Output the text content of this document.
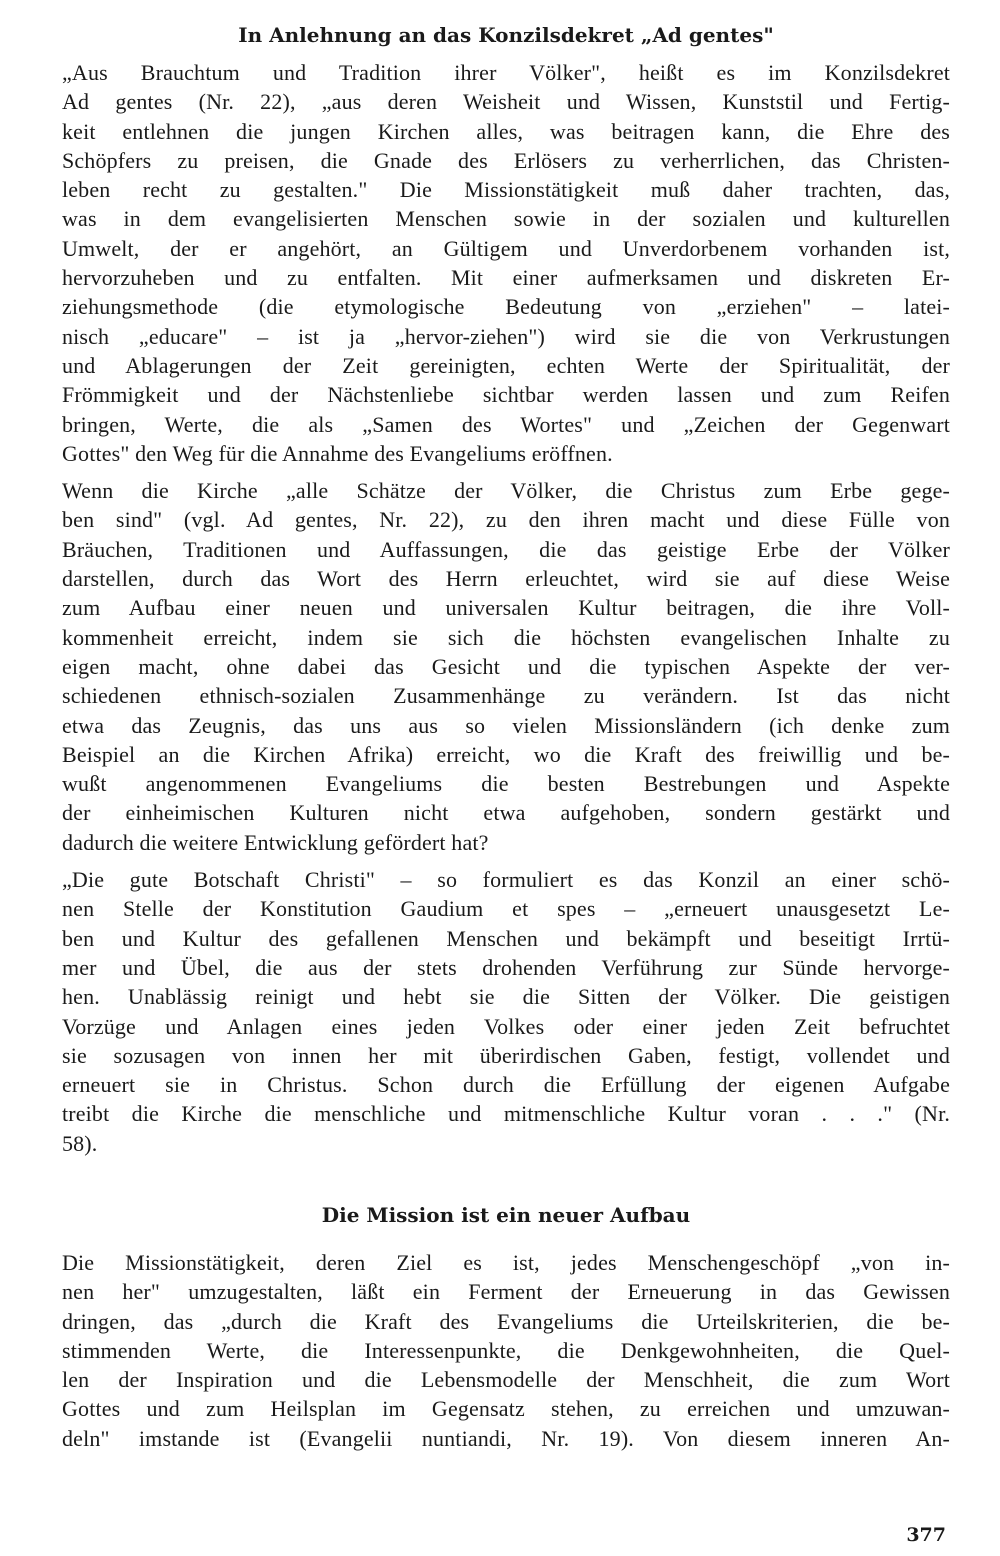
In Anlehnung an das Konzilsdekret „Ad gentes"
„Aus Brauchtum und Tradition ihrer Völker", heißt es im Konzilsdekret
Ad gentes (Nr. 22), „aus deren Weisheit und Wissen, Kunststil und Fertig-
keit entlehnen die jungen Kirchen alles, was beitragen kann, die Ehre des
Schöpfers zu preisen, die Gnade des Erlösers zu verherrlichen, das Christen-
leben recht zu gestalten." Die Missionstätigkeit muß daher trachten, das,
was in dem evangelisierten Menschen sowie in der sozialen und kulturellen
Umwelt, der er angehört, an Gültigem und Unverdorbenem vorhanden ist,
hervorzuheben und zu entfalten. Mit einer aufmerksamen und diskreten Er-
ziehungsmethode (die etymologische Bedeutung von „erziehen" – latei-
nisch „educare" – ist ja „hervor-ziehen") wird sie die von Verkrustungen
und Ablagerungen der Zeit gereinigten, echten Werte der Spiritualität, der
Frömmigkeit und der Nächstenliebe sichtbar werden lassen und zum Reifen
bringen, Werte, die als „Samen des Wortes" und „Zeichen der Gegenwart
Gottes" den Weg für die Annahme des Evangeliums eröffnen.
Wenn die Kirche „alle Schätze der Völker, die Christus zum Erbe gege-
ben sind" (vgl. Ad gentes, Nr. 22), zu den ihren macht und diese Fülle von
Bräuchen, Traditionen und Auffassungen, die das geistige Erbe der Völker
darstellen, durch das Wort des Herrn erleuchtet, wird sie auf diese Weise
zum Aufbau einer neuen und universalen Kultur beitragen, die ihre Voll-
kommenheit erreicht, indem sie sich die höchsten evangelischen Inhalte zu
eigen macht, ohne dabei das Gesicht und die typischen Aspekte der ver-
schiedenen ethnisch-sozialen Zusammenhänge zu verändern. Ist das nicht
etwa das Zeugnis, das uns aus so vielen Missionsländern (ich denke zum
Beispiel an die Kirchen Afrika) erreicht, wo die Kraft des freiwillig und be-
wußt angenommenen Evangeliums die besten Bestrebungen und Aspekte
der einheimischen Kulturen nicht etwa aufgehoben, sondern gestärkt und
dadurch die weitere Entwicklung gefördert hat?
„Die gute Botschaft Christi" – so formuliert es das Konzil an einer schö-
nen Stelle der Konstitution Gaudium et spes – „erneuert unausgesetzt Le-
ben und Kultur des gefallenen Menschen und bekämpft und beseitigt Irrtü-
mer und Übel, die aus der stets drohenden Verführung zur Sünde hervorge-
hen. Unablässig reinigt und hebt sie die Sitten der Völker. Die geistigen
Vorzüge und Anlagen eines jeden Volkes oder einer jeden Zeit befruchtet
sie sozusagen von innen her mit überirdischen Gaben, festigt, vollendet und
erneuert sie in Christus. Schon durch die Erfüllung der eigenen Aufgabe
treibt die Kirche die menschliche und mitmenschliche Kultur voran . . ." (Nr.
58).
Die Mission ist ein neuer Aufbau
Die Missionstätigkeit, deren Ziel es ist, jedes Menschengeschöpf „von in-
nen her" umzugestalten, läßt ein Ferment der Erneuerung in das Gewissen
dringen, das „durch die Kraft des Evangeliums die Urteilskriterien, die be-
stimmenden Werte, die Interessenpunkte, die Denkgewohnheiten, die Quel-
len der Inspiration und die Lebensmodelle der Menschheit, die zum Wort
Gottes und zum Heilsplan im Gegensatz stehen, zu erreichen und umzuwan-
deln" imstande ist (Evangelii nuntiandi, Nr. 19). Von diesem inneren An-
377
